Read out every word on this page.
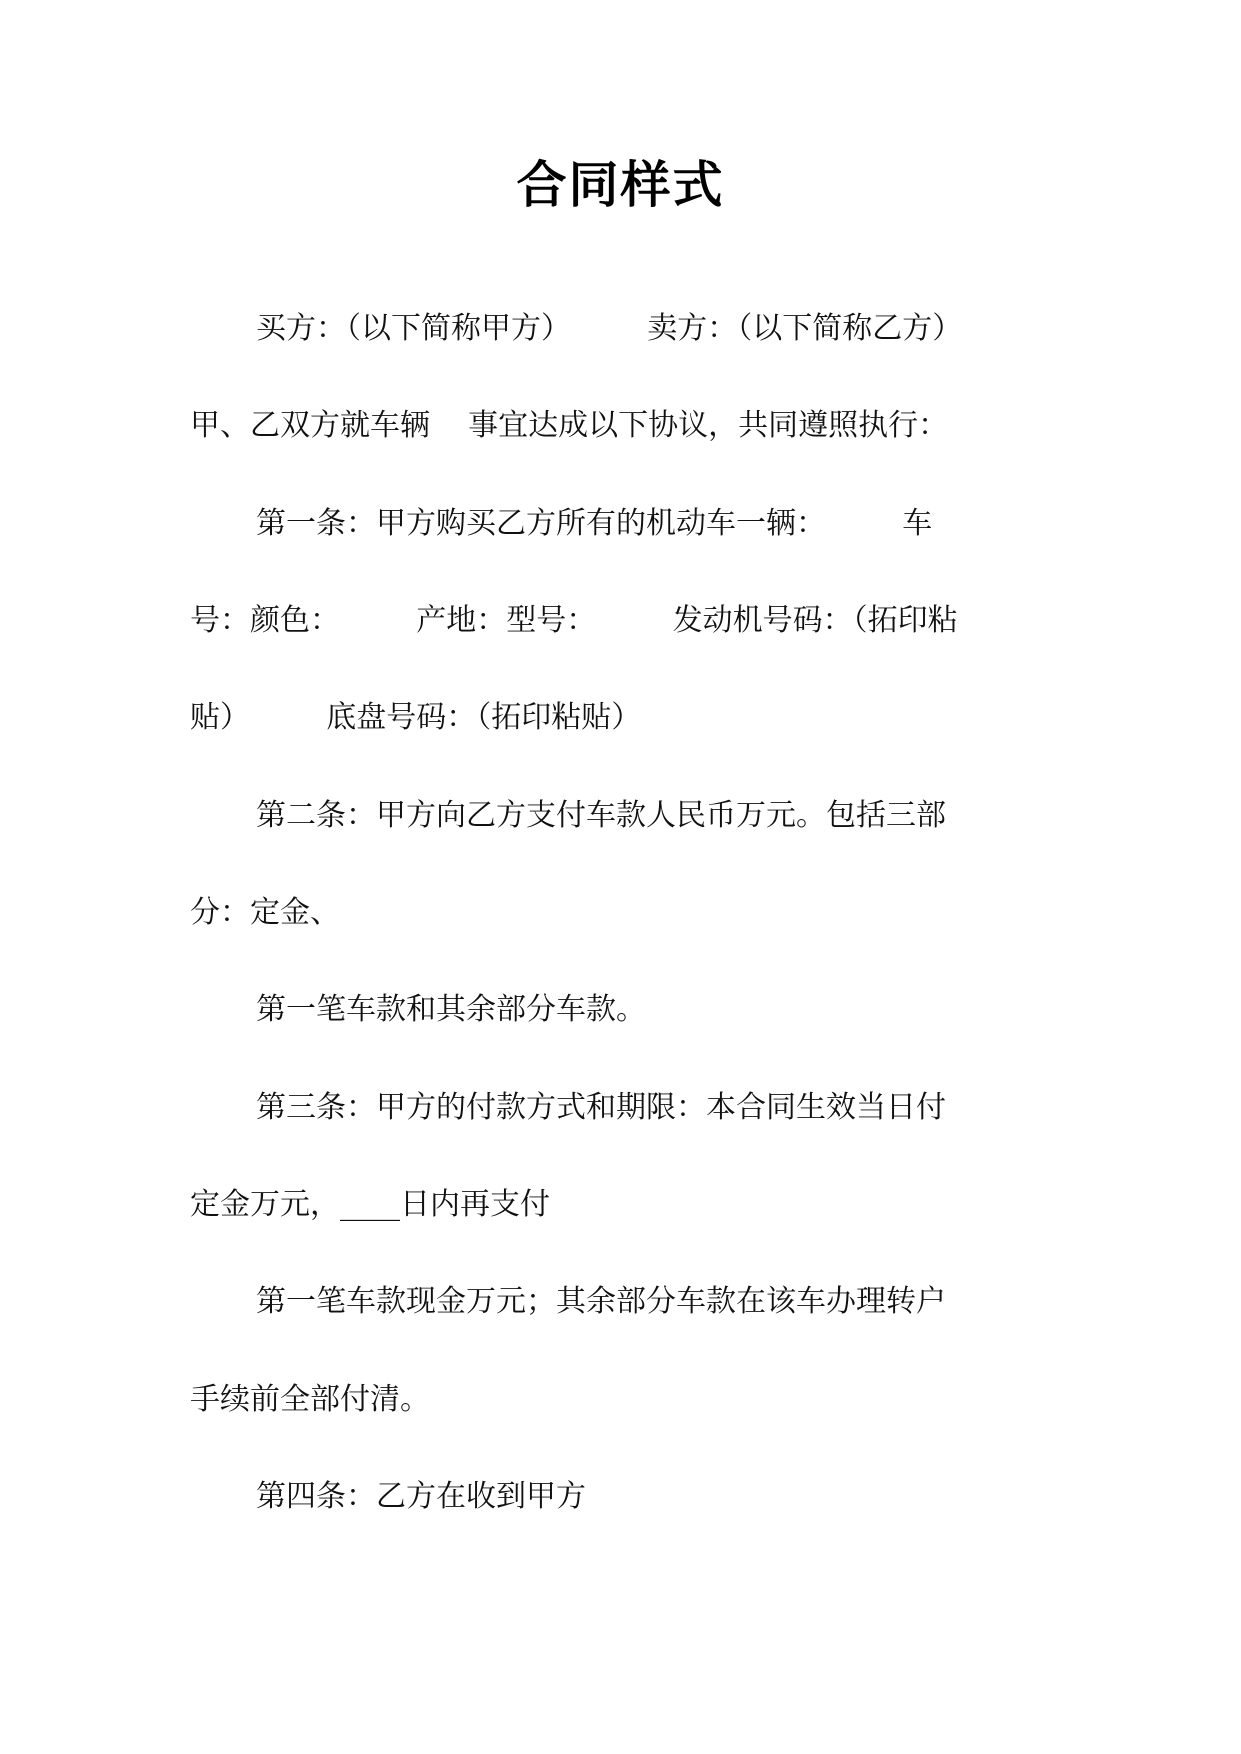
合同样式
买方：（以下简称甲方）        卖方：（以下简称乙方）
甲、乙双方就车辆    事宜达成以下协议，共同遵照执行：
第一条：甲方购买乙方所有的机动车一辆：        车
号：颜色：        产地：型号：        发动机号码：（拓印粘
贴）        底盘号码：（拓印粘贴）
第二条：甲方向乙方支付车款人民币万元。包括三部
分：定金、
第一笔车款和其余部分车款。
第三条：甲方的付款方式和期限：本合同生效当日付
定金万元，____日内再支付
第一笔车款现金万元；其余部分车款在该车办理转户
手续前全部付清。
第四条：乙方在收到甲方
